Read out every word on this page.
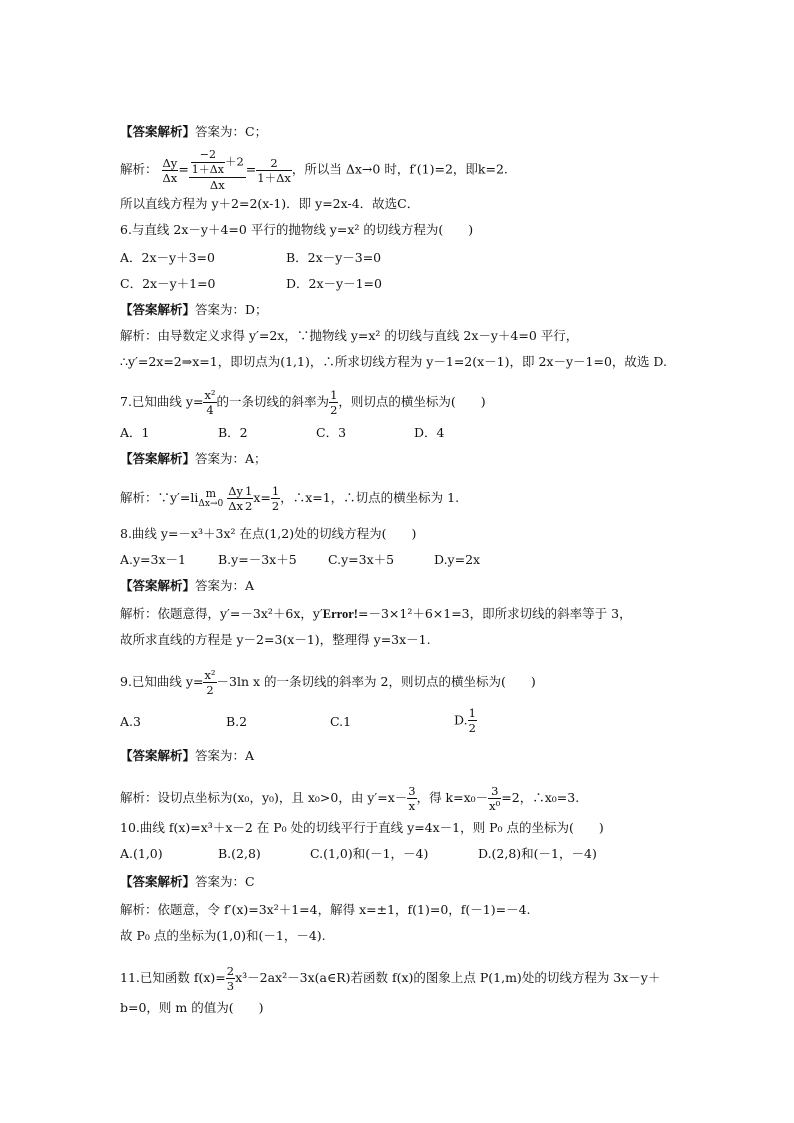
【答案解析】答案为：C；

解析： $\frac{\Delta y}{\Delta x} = \frac{\frac{-2}{1+\Delta x} +2}{\Delta x} = \frac{2}{1+\Delta x}$ ，所以当 Δx→0 时，f′(1)=2，即k=2.
所以直线方程为 y＋2=2(x-1)．即 y=2x-4．故选C．
6.与直线 2x－y＋4=0 平行的抛物线 y=x² 的切线方程为(　　)
A．2x－y＋3=0	B．2x－y－3=0
C．2x－y＋1=0	D．2x－y－1=0
【答案解析】答案为：D；
解析：由导数定义求得 y′=2x，∵抛物线 y=x² 的切线与直线 2x－y＋4=0 平行，
∴y′=2x=2⇒x=1，即切点为(1,1)，∴所求切线方程为 y－1=2(x－1)，即 2x－y－1=0，故选 D.
7.已知曲线 $y= \frac{\text{x²}}{4}$ 的一条切线的斜率为 $\frac{1}{2}$ ，则切点的横坐标为(　　)
A．1	B．2	C．3	D．4
【答案解析】答案为：A；
解析：∵y′=li m
Δx→0
$\frac{\Delta y}{\Delta x} \frac{1}{2} x= \frac{1}{2}$ ，∴x=1，∴切点的横坐标为 1.
8.曲线 y=－x³＋3x² 在点(1,2)处的切线方程为(　　)
A.y=3x－1	B.y=－3x＋5	C.y=3x＋5	D.y=2x
【答案解析】答案为：A
解析：依题意得，y′=－3x²＋6x，y′Error!=－3×1²＋6×1=3，即所求切线的斜率等于 3，
故所求直线的方程是 y－2=3(x－1)，整理得 y=3x－1.
9.已知曲线 $y= \frac{\text{x²}}{2} -3\ln$ x 的一条切线的斜率为 2，则切点的横坐标为(　　)
A.3	B.2	C.1	D. $\frac{1}{2}$
【答案解析】答案为：A
解析：设切点坐标为(x₀，y₀)，且 x₀>0，由 $y'=x- \frac{3}{x}$ ，得 $k=x_0- \frac{3}{\text{x⁰}} =2$，∴x₀=3.
10.曲线 f(x)=x³＋x－2 在 P₀ 处的切线平行于直线 y=4x－1，则 P₀ 点的坐标为(　　)
A.(1,0)	B.(2,8)	C.(1,0)和(－1，－4)	D.(2,8)和(－1，－4)
【答案解析】答案为：C
解析：依题意，令 f′(x)=3x²＋1=4，解得 x=±1，f(1)=0，f(－1)=－4.
故 P₀ 点的坐标为(1,0)和(－1，－4).
11.已知函数 $f(x)= \frac{2}{3}$ x³－2ax²－3x(a∈R)若函数 f(x)的图象上点 P(1,m)处的切线方程为 3x－y＋
b=0，则 m 的值为(　　)
